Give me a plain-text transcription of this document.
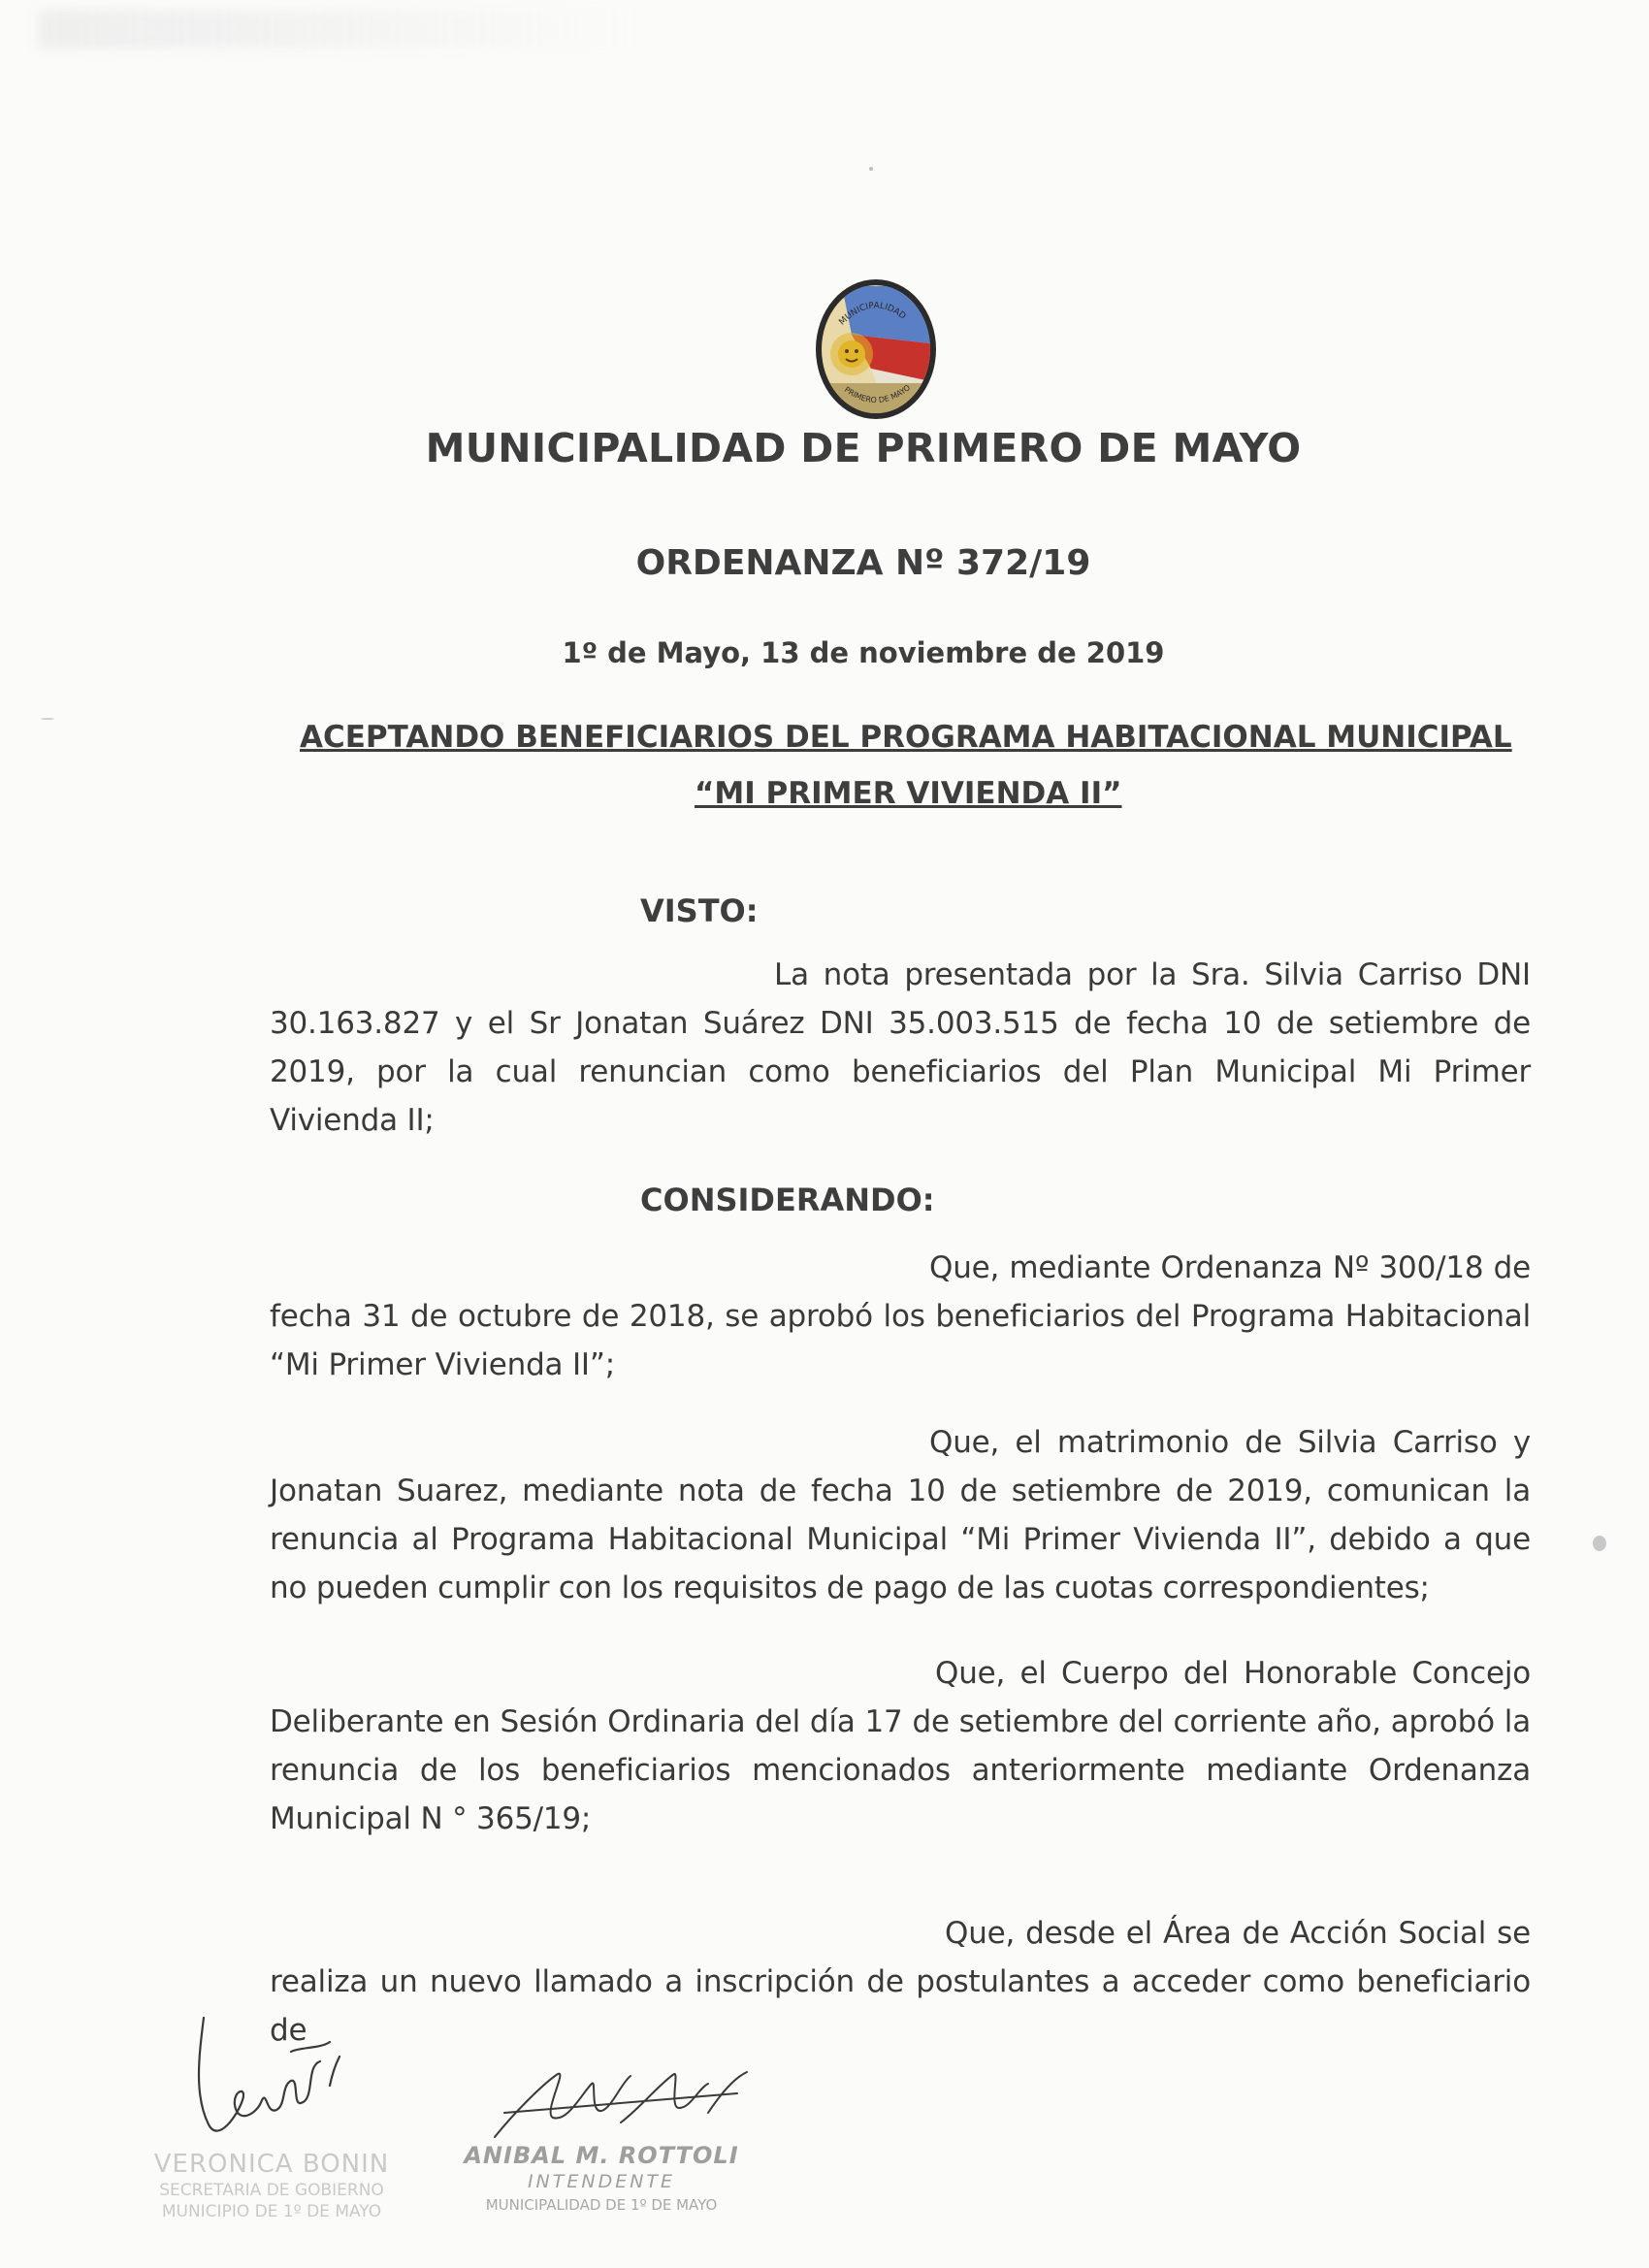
MUNICIPALIDAD
PRIMERO DE MAYO
MUNICIPALIDAD DE PRIMERO DE MAYO
ORDENANZA Nº 372/19
1º de Mayo, 13 de noviembre de 2019
ACEPTANDO BENEFICIARIOS DEL PROGRAMA HABITACIONAL MUNICIPAL
“MI PRIMER VIVIENDA II”
VISTO:
La nota presentada por la Sra. Silvia Carriso DNI 30.163.827 y el Sr Jonatan Suárez DNI 35.003.515 de fecha 10 de setiembre de 2019, por la cual renuncian como beneficiarios del Plan Municipal Mi Primer Vivienda II;
CONSIDERANDO:
Que, mediante Ordenanza Nº 300/18 de fecha 31 de octubre de 2018, se aprobó los beneficiarios del Programa Habitacional “Mi Primer Vivienda II”;
Que, el matrimonio de Silvia Carriso y Jonatan Suarez, mediante nota de fecha 10 de setiembre de 2019, comunican la renuncia al Programa Habitacional Municipal “Mi Primer Vivienda II”, debido a que no pueden cumplir con los requisitos de pago de las cuotas correspondientes;
Que, el Cuerpo del Honorable Concejo Deliberante en Sesión Ordinaria del día 17 de setiembre del corriente año, aprobó la renuncia de los beneficiarios mencionados anteriormente mediante Ordenanza Municipal N ° 365/19;
Que, desde el Área de Acción Social se realiza un nuevo llamado a inscripción de postulantes a acceder como beneficiario de
VERONICA BONIN
SECRETARIA DE GOBIERNO
MUNICIPIO DE 1º DE MAYO
ANIBAL M. ROTTOLI
INTENDENTE
MUNICIPALIDAD DE 1º DE MAYO
